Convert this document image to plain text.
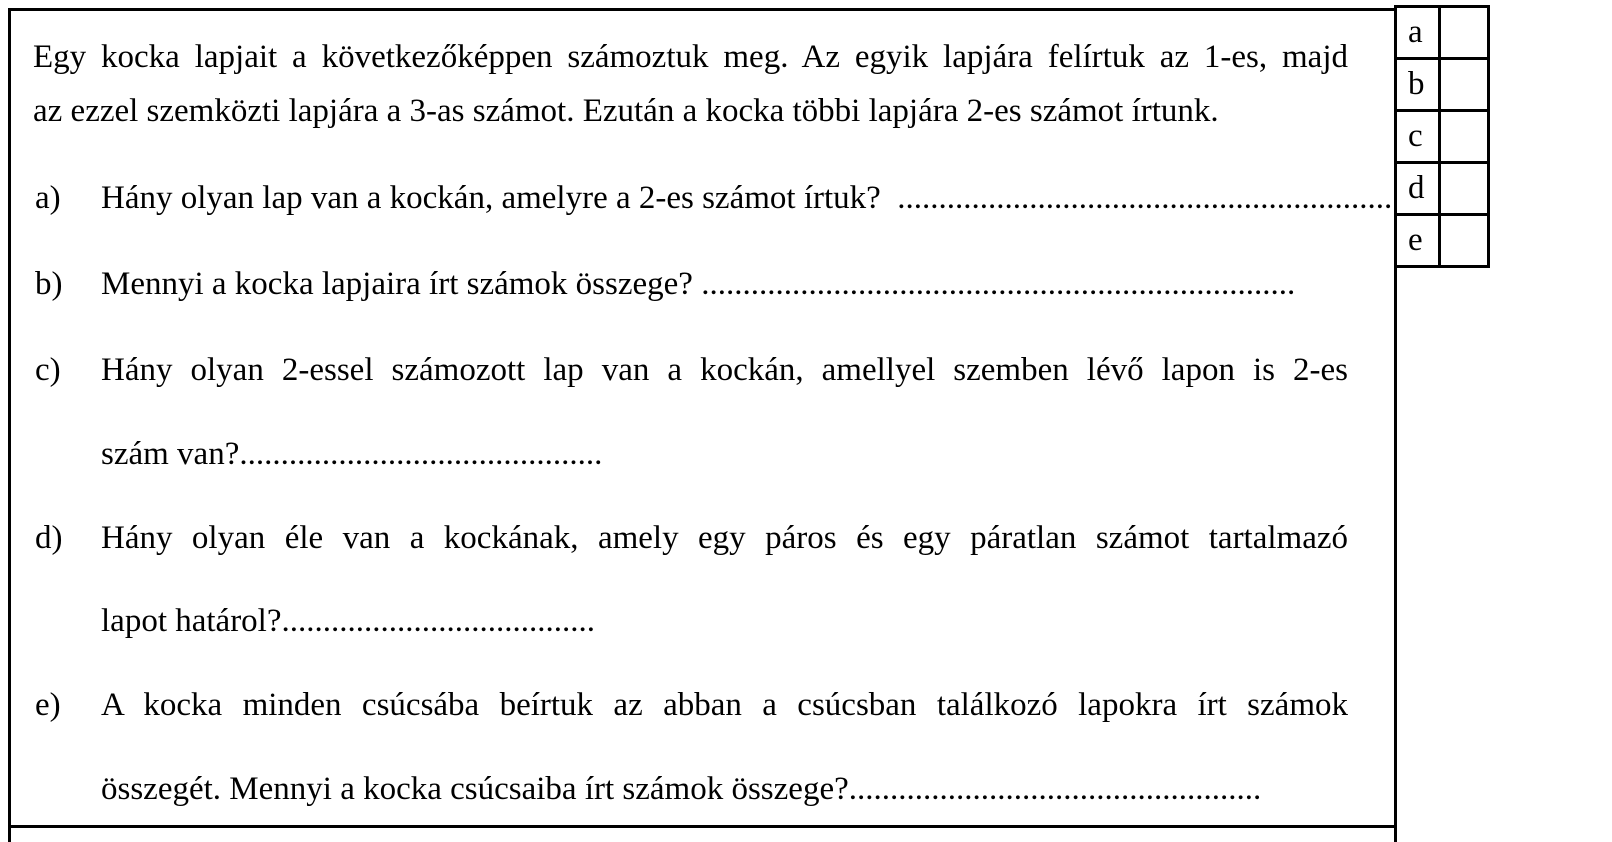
Egy kocka lapjait a következőképpen számoztuk meg. Az egyik lapjára felírtuk az 1-es, majd
az ezzel szemközti lapjára a 3-as számot. Ezután a kocka többi lapjára 2-es számot írtunk.
a) Hány olyan lap van a kockán, amelyre a 2-es számot írtuk?  ............................................................
b) Mennyi a kocka lapjaira írt számok összege? ........................................................................
c) Hány olyan 2-essel számozott lap van a kockán, amellyel szemben lévő lapon is 2-es
szám van?............................................
d) Hány olyan éle van a kockának, amely egy páros és egy páratlan számot tartalmazó
lapot határol?......................................
e) A kocka minden csúcsába beírtuk az abban a csúcsban találkozó lapokra írt számok
összegét. Mennyi a kocka csúcsaiba írt számok összege?..................................................
a	
b	
c	
d	
e	
